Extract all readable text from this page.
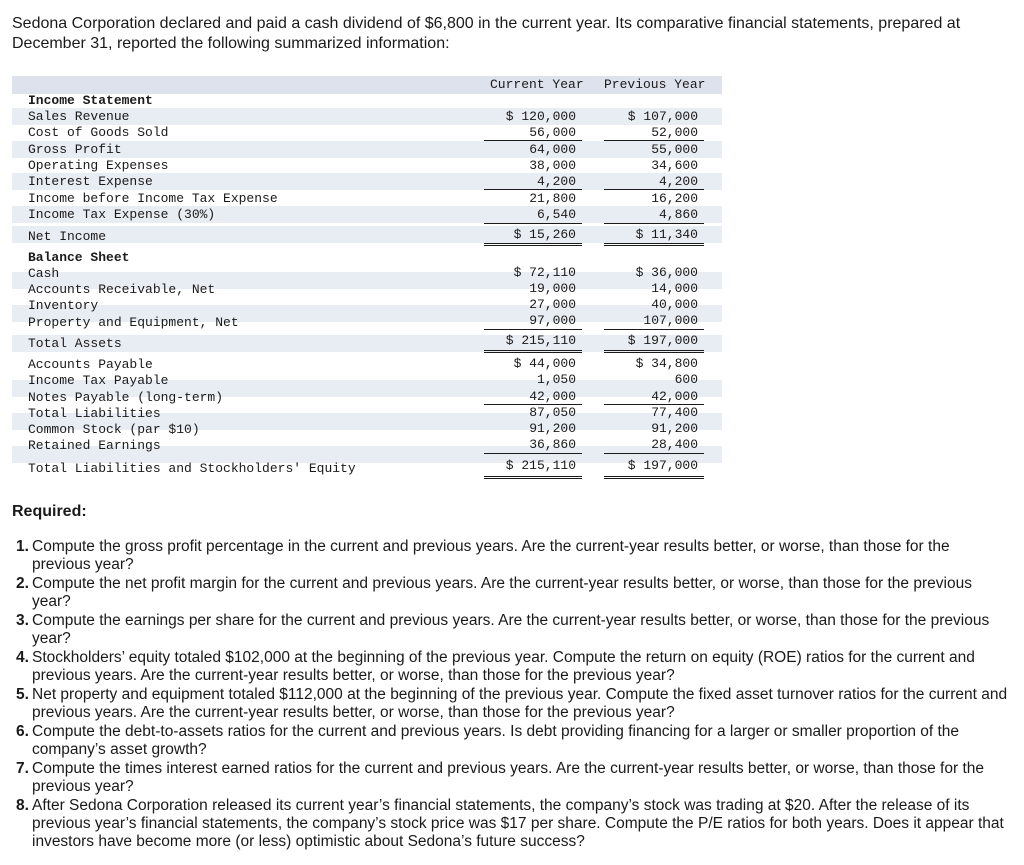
Sedona Corporation declared and paid a cash dividend of $6,800 in the current year. Its comparative financial statements, prepared at December 31, reported the following summarized information:
Current Year Previous Year
Income Statement
Sales Revenue	$ 120,000	$ 107,000
Cost of Goods Sold	56,000	52,000
Gross Profit	64,000	55,000
Operating Expenses	38,000	34,600
Interest Expense	4,200	4,200
Income before Income Tax Expense	21,800	16,200
Income Tax Expense (30%)	6,540	4,860
Net Income	$ 15,260	$ 11,340
Balance Sheet
Cash	$ 72,110	$ 36,000
Accounts Receivable, Net	19,000	14,000
Inventory	27,000	40,000
Property and Equipment, Net	97,000	107,000
Total Assets	$ 215,110	$ 197,000
Accounts Payable	$ 44,000	$ 34,800
Income Tax Payable	1,050	600
Notes Payable (long-term)	42,000	42,000
Total Liabilities	87,050	77,400
Common Stock (par $10)	91,200	91,200
Retained Earnings	36,860	28,400
Total Liabilities and Stockholders' Equity	$ 215,110	$ 197,000
Required:
1. Compute the gross profit percentage in the current and previous years. Are the current-year results better, or worse, than those for the previous year?
2. Compute the net profit margin for the current and previous years. Are the current-year results better, or worse, than those for the previous year?
3. Compute the earnings per share for the current and previous years. Are the current-year results better, or worse, than those for the previous year?
4. Stockholders’ equity totaled $102,000 at the beginning of the previous year. Compute the return on equity (ROE) ratios for the current and previous years. Are the current-year results better, or worse, than those for the previous year?
5. Net property and equipment totaled $112,000 at the beginning of the previous year. Compute the fixed asset turnover ratios for the current and previous years. Are the current-year results better, or worse, than those for the previous year?
6. Compute the debt-to-assets ratios for the current and previous years. Is debt providing financing for a larger or smaller proportion of the company’s asset growth?
7. Compute the times interest earned ratios for the current and previous years. Are the current-year results better, or worse, than those for the previous year?
8. After Sedona Corporation released its current year’s financial statements, the company’s stock was trading at $20. After the release of its previous year’s financial statements, the company’s stock price was $17 per share. Compute the P/E ratios for both years. Does it appear that investors have become more (or less) optimistic about Sedona’s future success?
